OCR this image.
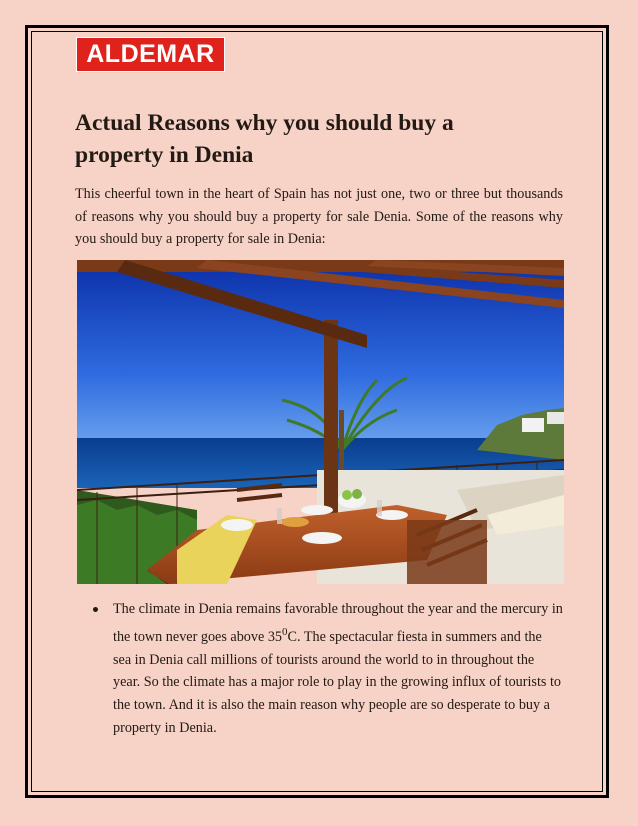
ALDEMAR
Actual Reasons why you should buy a property in Denia

This cheerful town in the heart of Spain has not just one, two or three but thousands of reasons why you should buy a property for sale Denia. Some of the reasons why you should buy a property for sale in Denia:

The climate in Denia remains favorable throughout the year and the mercury in the town never goes above $35^0C$. The spectacular fiesta in summers and the sea in Denia call millions of tourists around the world to in throughout the year. So the climate has a major role to play in the growing influx of tourists to the town. And it is also the main reason why people are so desperate to buy a property in Denia.
